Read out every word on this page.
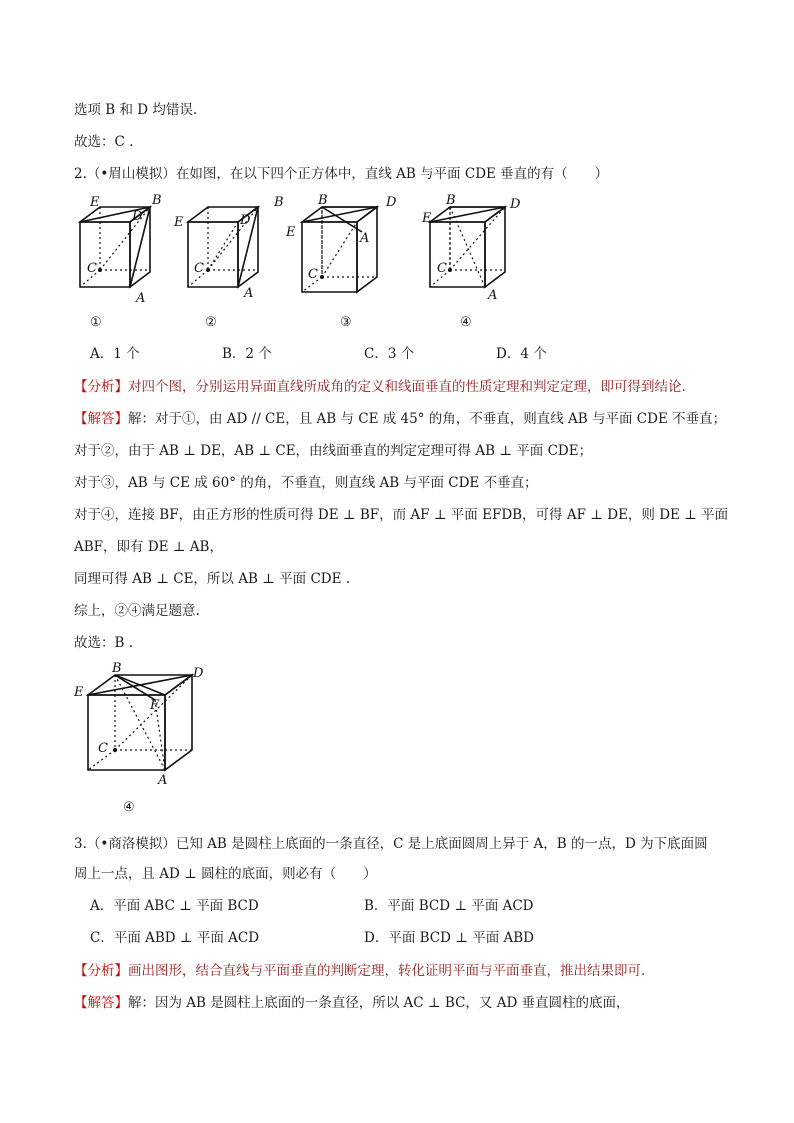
选项 B 和 D 均错误.
故选：C .
2.（•眉山模拟）在如图，在以下四个正方体中，直线 AB 与平面 CDE 垂直的有（　　）
E	B
D
C
A
E
B
D
C
A
B	D
E	A
C
B	D
E
C
A
①	②	③	④
A．1 个	B．2 个	C．3 个	D．4 个
【分析】对四个图，分别运用异面直线所成角的定义和线面垂直的性质定理和判定定理，即可得到结论.
【解答】解：对于①，由 AD // CE，且 AB 与 CE 成 45° 的角，不垂直，则直线 AB 与平面 CDE 不垂直；
对于②，由于 AB ⊥ DE，AB ⊥ CE，由线面垂直的判定定理可得 AB ⊥ 平面 CDE；
对于③，AB 与 CE 成 60° 的角，不垂直，则直线 AB 与平面 CDE 不垂直；
对于④，连接 BF，由正方形的性质可得 DE ⊥ BF，而 AF ⊥ 平面 EFDB，可得 AF ⊥ DE，则 DE ⊥ 平面
ABF，即有 DE ⊥ AB，
同理可得 AB ⊥ CE，所以 AB ⊥ 平面 CDE .
综上，②④满足题意.
故选：B .
B	D
E
F
C
A
④
3.（•商洛模拟）已知 AB 是圆柱上底面的一条直径，C 是上底面圆周上异于 A，B 的一点，D 为下底面圆
周上一点，且 AD ⊥ 圆柱的底面，则必有（　　）
A．平面 ABC ⊥ 平面 BCD	B．平面 BCD ⊥ 平面 ACD
C．平面 ABD ⊥ 平面 ACD	D．平面 BCD ⊥ 平面 ABD
【分析】画出图形，结合直线与平面垂直的判断定理，转化证明平面与平面垂直，推出结果即可.
【解答】解：因为 AB 是圆柱上底面的一条直径，所以 AC ⊥ BC，又 AD 垂直圆柱的底面，
